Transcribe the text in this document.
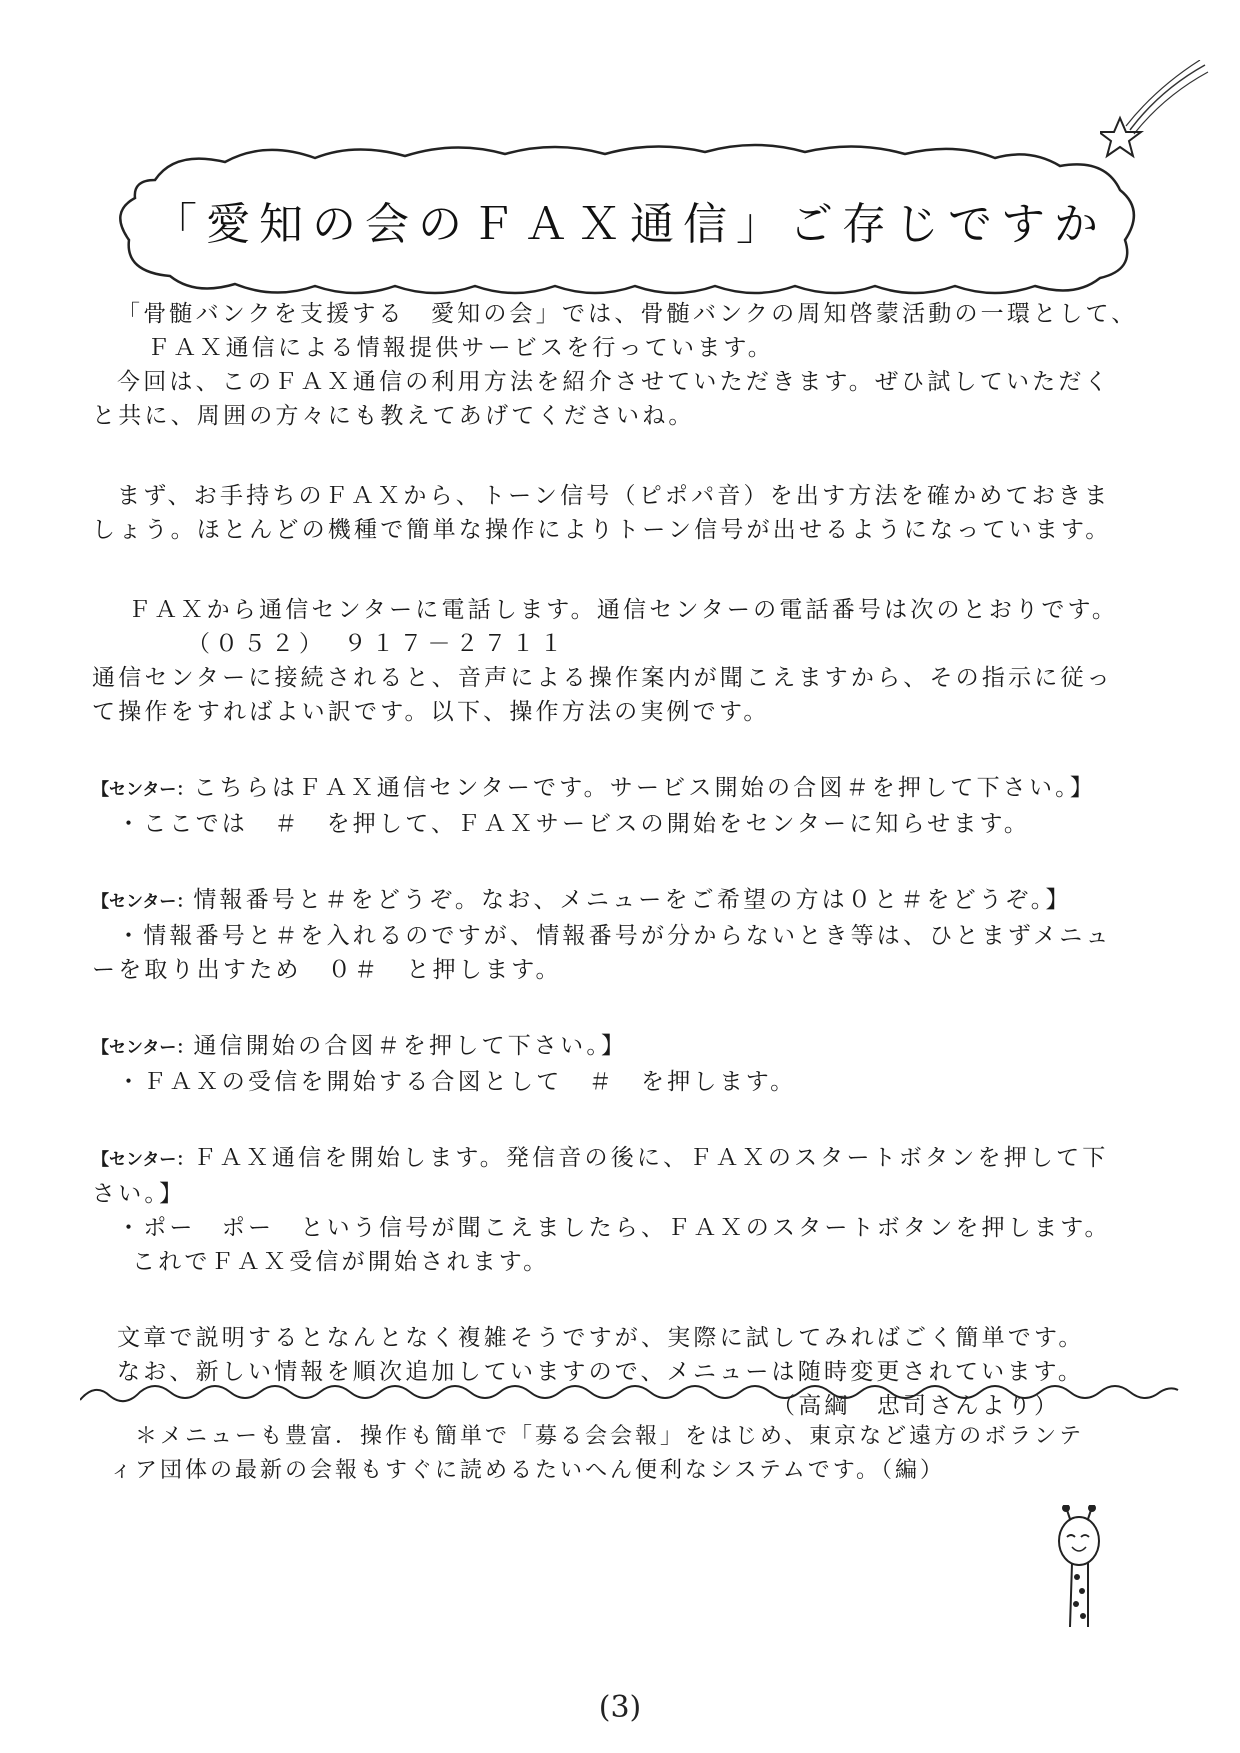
「愛知の会のＦＡＸ通信」ご存じですか

「骨髄バンクを支援する　愛知の会」では、骨髄バンクの周知啓蒙活動の一環として、

ＦＡＸ通信による情報提供サービスを行っています。

今回は、このＦＡＸ通信の利用方法を紹介させていただきます。ぜひ試していただく

と共に、周囲の方々にも教えてあげてくださいね。

まず、お手持ちのＦＡＸから、トーン信号（ピポパ音）を出す方法を確かめておきま

しょう。ほとんどの機種で簡単な操作によりトーン信号が出せるようになっています。

ＦＡＸから通信センターに電話します。通信センターの電話番号は次のとおりです。

（０５２）　９１７－２７１１

通信センターに接続されると、音声による操作案内が聞こえますから、その指示に従っ

て操作をすればよい訳です。以下、操作方法の実例です。

【センター：こちらはＦＡＸ通信センターです。サービス開始の合図＃を押して下さい。】

・ここでは　＃　を押して、ＦＡＸサービスの開始をセンターに知らせます。

【センター：情報番号と＃をどうぞ。なお、メニューをご希望の方は０と＃をどうぞ。】

・情報番号と＃を入れるのですが、情報番号が分からないとき等は、ひとまずメニュ

ーを取り出すため　０＃　と押します。

【センター：通信開始の合図＃を押して下さい。】

・ＦＡＸの受信を開始する合図として　＃　を押します。

【センター：ＦＡＸ通信を開始します。発信音の後に、ＦＡＸのスタートボタンを押して下

さい。】

・ポー　ポー　という信号が聞こえましたら、ＦＡＸのスタートボタンを押します。

これでＦＡＸ受信が開始されます。

文章で説明するとなんとなく複雑そうですが、実際に試してみればごく簡単です。

なお、新しい情報を順次追加していますので、メニューは随時変更されています。

（高綱　忠司さんより）

＊メニューも豊富．操作も簡単で「募る会会報」をはじめ、東京など遠方のボランテ

ィア団体の最新の会報もすぐに読めるたいへん便利なシステムです。（編）

(3)
